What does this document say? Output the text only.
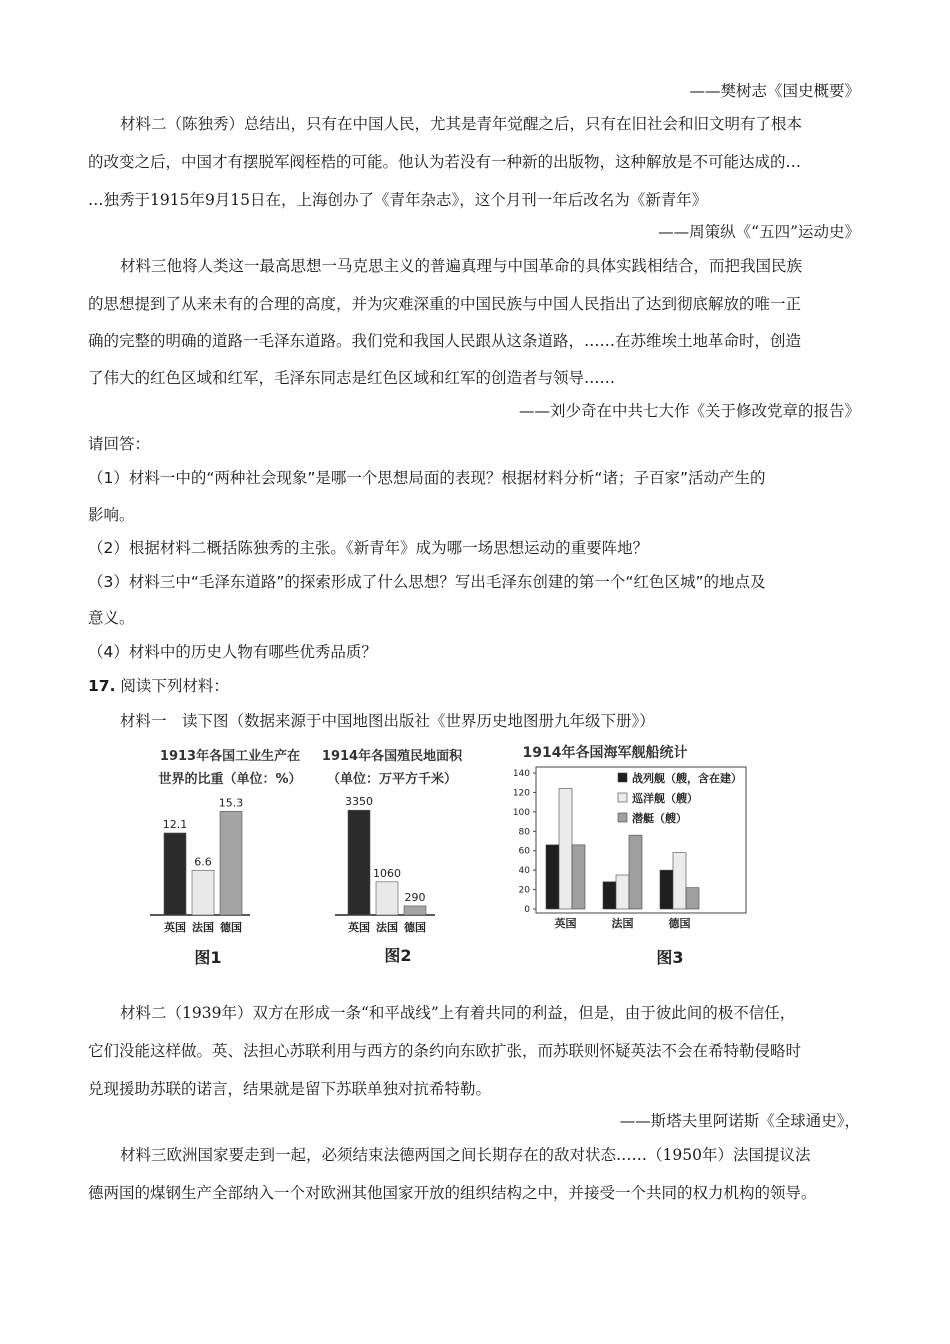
——樊树志《国史概要》
材料二（陈独秀）总结出，只有在中国人民，尤其是青年觉醒之后，只有在旧社会和旧文明有了根本
的改变之后，中国才有摆脱军阀桎梏的可能。他认为若没有一种新的出版物，这种解放是不可能达成的…
…独秀于1915年9月15日在，上海创办了《青年杂志》，这个月刊一年后改名为《新青年》
——周策纵《“五四”运动史》
材料三他将人类这一最高思想一马克思主义的普遍真理与中国革命的具体实践相结合，而把我国民族
的思想提到了从来未有的合理的高度，并为灾难深重的中国民族与中国人民指出了达到彻底解放的唯一正
确的完整的明确的道路一毛泽东道路。我们党和我国人民跟从这条道路，……在苏维埃土地革命时，创造
了伟大的红色区域和红军，毛泽东同志是红色区域和红军的创造者与领导……
——刘少奇在中共七大作《关于修改党章的报告》
请回答：
（1）材料一中的“两种社会现象”是哪一个思想局面的表现？根据材料分析“诸；子百家”活动产生的
影响。
（2）根据材料二概括陈独秀的主张。《新青年》成为哪一场思想运动的重要阵地？
（3）材料三中“毛泽东道路”的探索形成了什么思想？写出毛泽东创建的第一个“红色区城”的地点及
意义。
（4）材料中的历史人物有哪些优秀品质？
17. 阅读下列材料：
材料一　读下图（数据来源于中国地图出版社《世界历史地图册九年级下册》）
1913年各国工业生产在
世界的比重（单位：%）
12.1
英国
6.6
法国
15.3
德国
图1
1914年各国殖民地面积
（单位：万平方千米）
3350
英国
1060
法国
290
德国
图2
1914年各国海军舰船统计
0
20
40
60
80
100
120
140
英国	法国	德国
战列舰（艘，含在建）
巡洋舰（艘）
潜艇（艘）
图3
材料二（1939年）双方在形成一条“和平战线”上有着共同的利益，但是，由于彼此间的极不信任，
它们没能这样做。英、法担心苏联利用与西方的条约向东欧扩张，而苏联则怀疑英法不会在希特勒侵略时
兑现援助苏联的诺言，结果就是留下苏联单独对抗希特勒。
——斯塔夫里阿诺斯《全球通史》，
材料三欧洲国家要走到一起，必须结束法德两国之间长期存在的敌对状态……（1950年）法国提议法
德两国的煤钢生产全部纳入一个对欧洲其他国家开放的组织结构之中，并接受一个共同的权力机构的领导。
